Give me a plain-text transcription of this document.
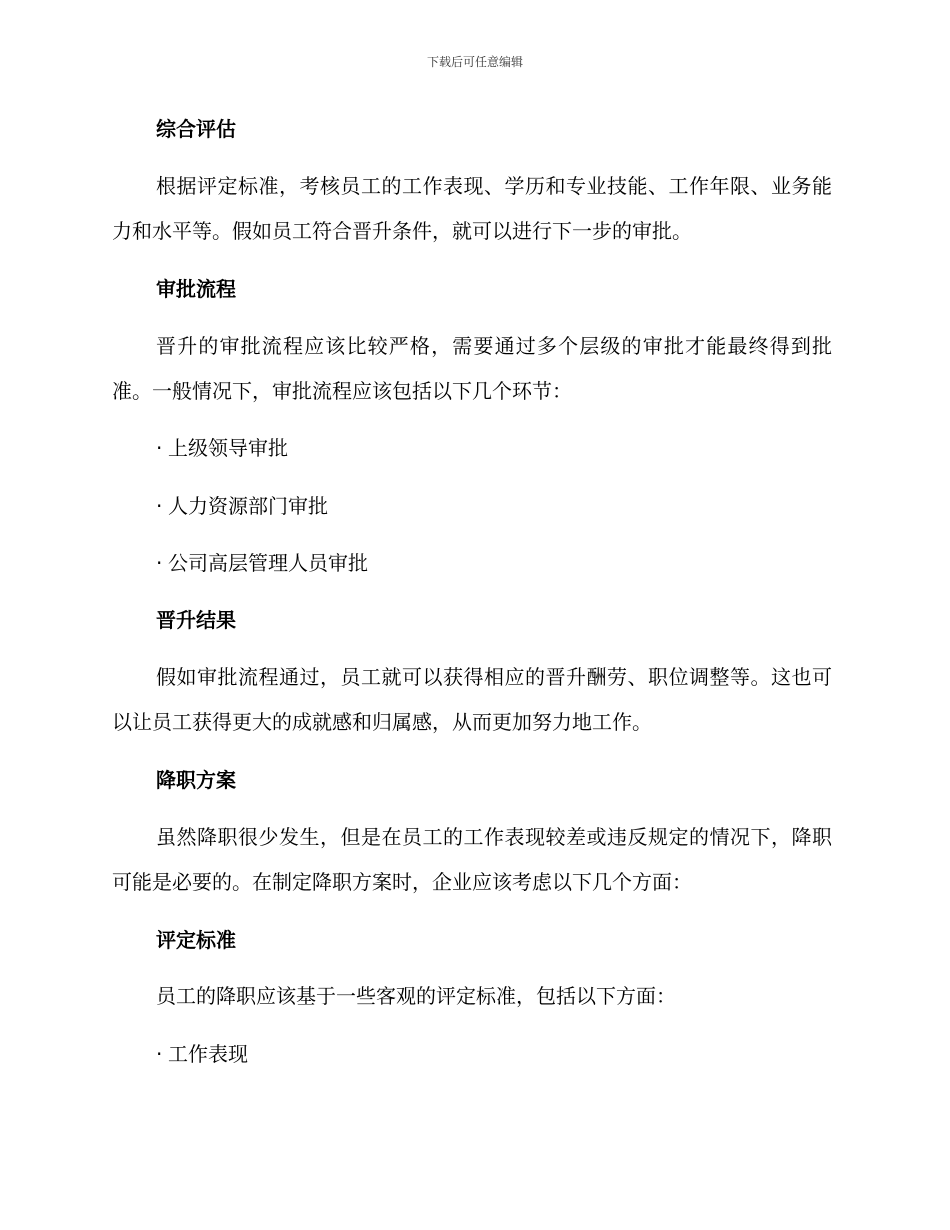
下载后可任意编辑
综合评估

根据评定标准，考核员工的工作表现、学历和专业技能、工作年限、业务能力和水平等。假如员工符合晋升条件，就可以进行下一步的审批。

审批流程

晋升的审批流程应该比较严格，需要通过多个层级的审批才能最终得到批准。一般情况下，审批流程应该包括以下几个环节：

· 上级领导审批
· 人力资源部门审批
· 公司高层管理人员审批
晋升结果

假如审批流程通过，员工就可以获得相应的晋升酬劳、职位调整等。这也可以让员工获得更大的成就感和归属感，从而更加努力地工作。

降职方案

虽然降职很少发生，但是在员工的工作表现较差或违反规定的情况下，降职可能是必要的。在制定降职方案时，企业应该考虑以下几个方面：

评定标准

员工的降职应该基于一些客观的评定标准，包括以下方面：

· 工作表现
